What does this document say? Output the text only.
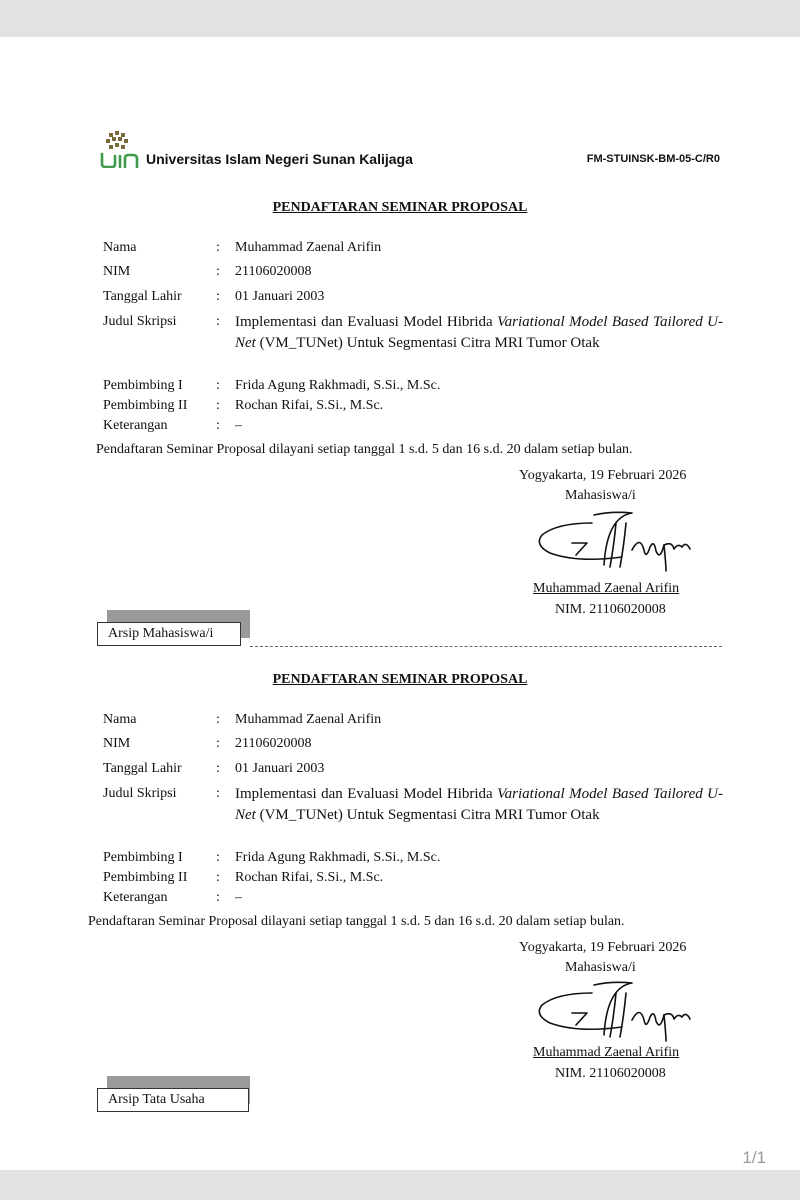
Universitas Islam Negeri Sunan Kalijaga	FM-STUINSK-BM-05-C/R0
PENDAFTARAN SEMINAR PROPOSAL
Nama	: Muhammad Zaenal Arifin
NIM	: 21106020008
Tanggal Lahir : 01 Januari 2003
Judul Skripsi	: Implementasi dan Evaluasi Model Hibrida Variational Model Based Tailored U-Net (VM_TUNet) Untuk Segmentasi Citra MRI Tumor Otak
Pembimbing I : Frida Agung Rakhmadi, S.Si., M.Sc.
Pembimbing II : Rochan Rifai, S.Si., M.Sc.
Keterangan	: –
Pendaftaran Seminar Proposal dilayani setiap tanggal 1 s.d. 5 dan 16 s.d. 20 dalam setiap bulan.
Yogyakarta, 19 Februari 2026
Mahasiswa/i
Muhammad Zaenal Arifin
NIM. 21106020008
Arsip Mahasiswa/i
PENDAFTARAN SEMINAR PROPOSAL
Nama	: Muhammad Zaenal Arifin
NIM	: 21106020008
Tanggal Lahir : 01 Januari 2003
Judul Skripsi	: Implementasi dan Evaluasi Model Hibrida Variational Model Based Tailored U-Net (VM_TUNet) Untuk Segmentasi Citra MRI Tumor Otak
Pembimbing I : Frida Agung Rakhmadi, S.Si., M.Sc.
Pembimbing II : Rochan Rifai, S.Si., M.Sc.
Keterangan	: –
Pendaftaran Seminar Proposal dilayani setiap tanggal 1 s.d. 5 dan 16 s.d. 20 dalam setiap bulan.
Yogyakarta, 19 Februari 2026
Mahasiswa/i
Muhammad Zaenal Arifin
NIM. 21106020008
Arsip Tata Usaha
1/1
